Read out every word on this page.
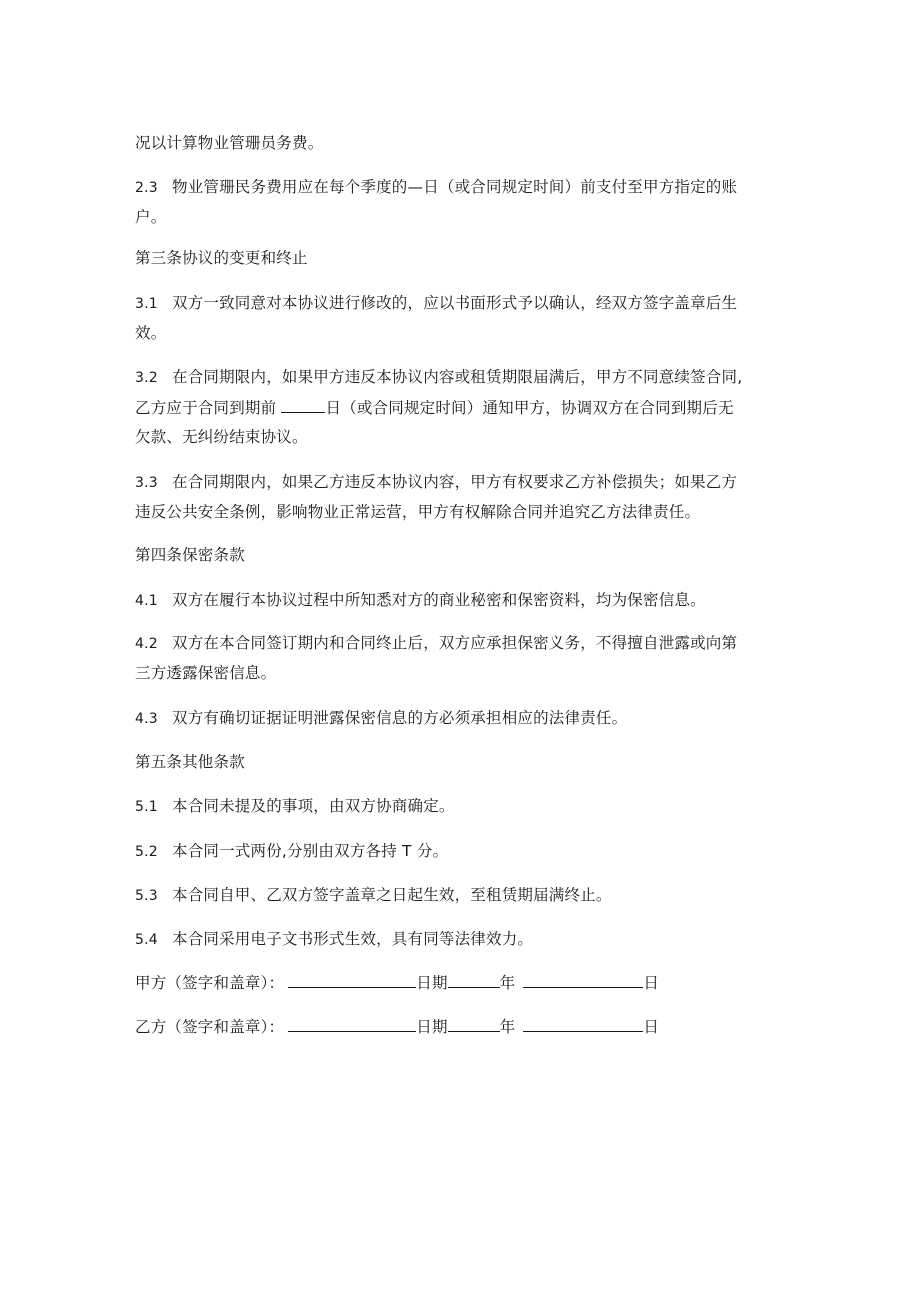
况以计算物业管珊员务费。
2.3 物业管珊民务费用应在每个季度的—日（或合同规定时间）前支付至甲方指定的账
户。
第三条协议的变更和终止
3.1 双方一致同意对本协议进行修改的，应以书面形式予以确认，经双方签字盖章后生
效。
3.2 在合同期限内，如果甲方违反本协议内容或租赁期限届满后，甲方不同意续签合同,
乙方应于合同到期前	日（或合同规定时间）通知甲方，协调双方在合同到期后无
欠款、无纠纷结束协议。
3.3 在合同期限内，如果乙方违反本协议内容，甲方有权要求乙方补偿损失；如果乙方
违反公共安全条例，影响物业正常运营，甲方有权解除合同并追究乙方法律责任。
第四条保密条款
4.1 双方在履行本协议过程中所知悉对方的商业秘密和保密资料，均为保密信息。
4.2 双方在本合同签订期内和合同终止后，双方应承担保密义务，不得擅自泄露或向第
三方透露保密信息。
4.3 双方有确切证据证明泄露保密信息的方必须承担相应的法律责任。
第五条其他条款
5.1 本合同未提及的事项，由双方协商确定。
5.2 本合同一式两份,分别由双方各持 T 分。
5.3 本合同自甲、乙双方签字盖章之日起生效，至租赁期届满终止。
5.4 本合同采用电子文书形式生效，具有同等法律效力。
甲方（签字和盖章）：	日期	年	日
乙方（签字和盖章）：	日期	年	日
